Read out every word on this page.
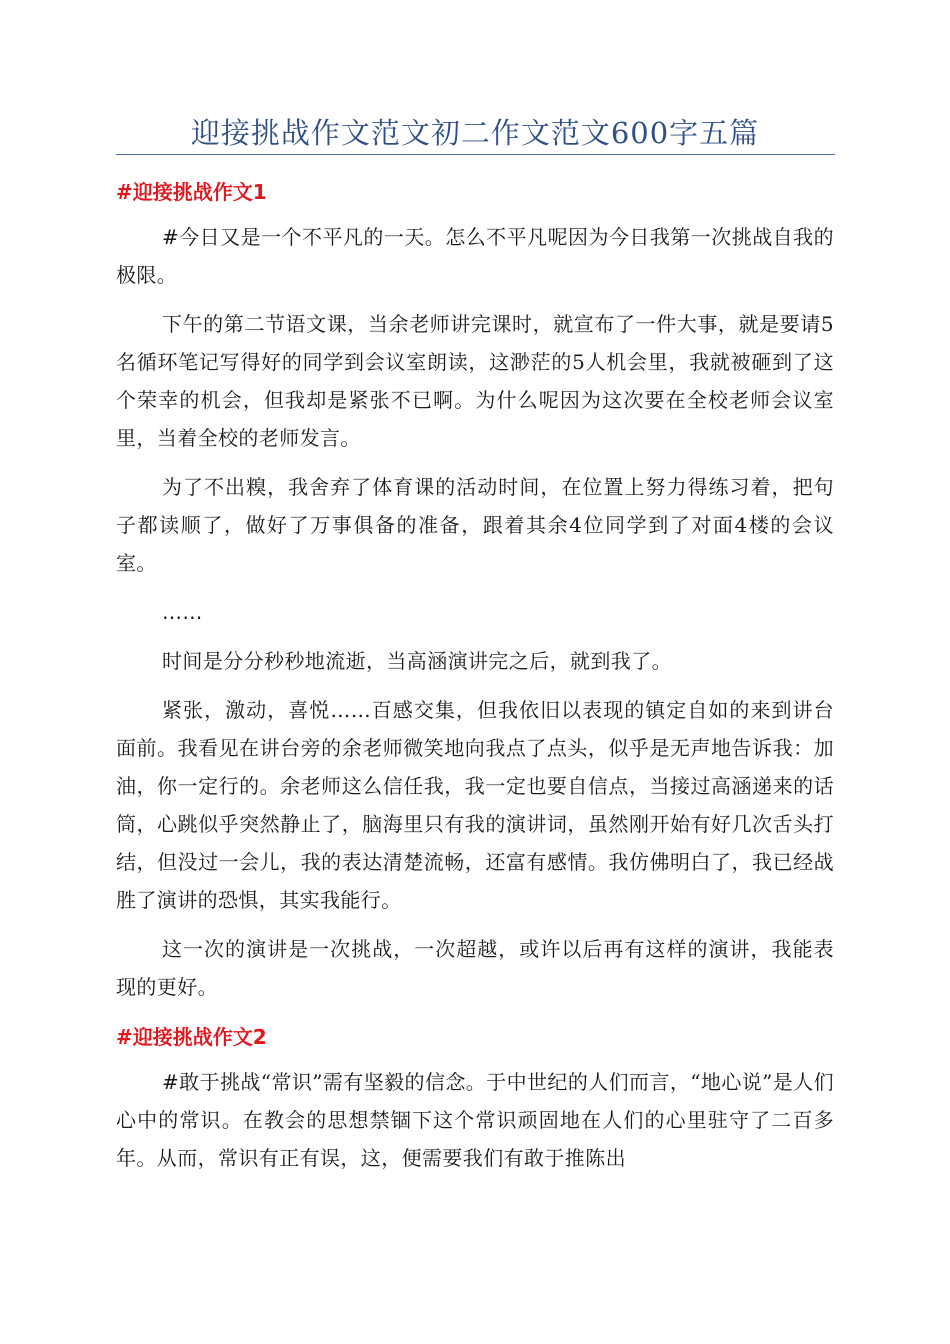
迎接挑战作文范文初二作文范文600字五篇
#迎接挑战作文1

#今日又是一个不平凡的一天。怎么不平凡呢因为今日我第一次挑战自我的极限。

下午的第二节语文课，当余老师讲完课时，就宣布了一件大事，就是要请5名循环笔记写得好的同学到会议室朗读，这渺茫的5人机会里，我就被砸到了这个荣幸的机会，但我却是紧张不已啊。为什么呢因为这次要在全校老师会议室里，当着全校的老师发言。

为了不出糗，我舍弃了体育课的活动时间，在位置上努力得练习着，把句子都读顺了，做好了万事俱备的准备，跟着其余4位同学到了对面4楼的会议室。

……

时间是分分秒秒地流逝，当高涵演讲完之后，就到我了。

紧张，激动，喜悦……百感交集，但我依旧以表现的镇定自如的来到讲台面前。我看见在讲台旁的余老师微笑地向我点了点头，似乎是无声地告诉我：加油，你一定行的。余老师这么信任我，我一定也要自信点，当接过高涵递来的话筒，心跳似乎突然静止了，脑海里只有我的演讲词，虽然刚开始有好几次舌头打结，但没过一会儿，我的表达清楚流畅，还富有感情。我仿佛明白了，我已经战胜了演讲的恐惧，其实我能行。

这一次的演讲是一次挑战，一次超越，或许以后再有这样的演讲，我能表现的更好。

#迎接挑战作文2

#敢于挑战“常识”需有坚毅的信念。于中世纪的人们而言，“地心说”是人们心中的常识。在教会的思想禁锢下这个常识顽固地在人们的心里驻守了二百多年。从而，常识有正有误，这，便需要我们有敢于推陈出
